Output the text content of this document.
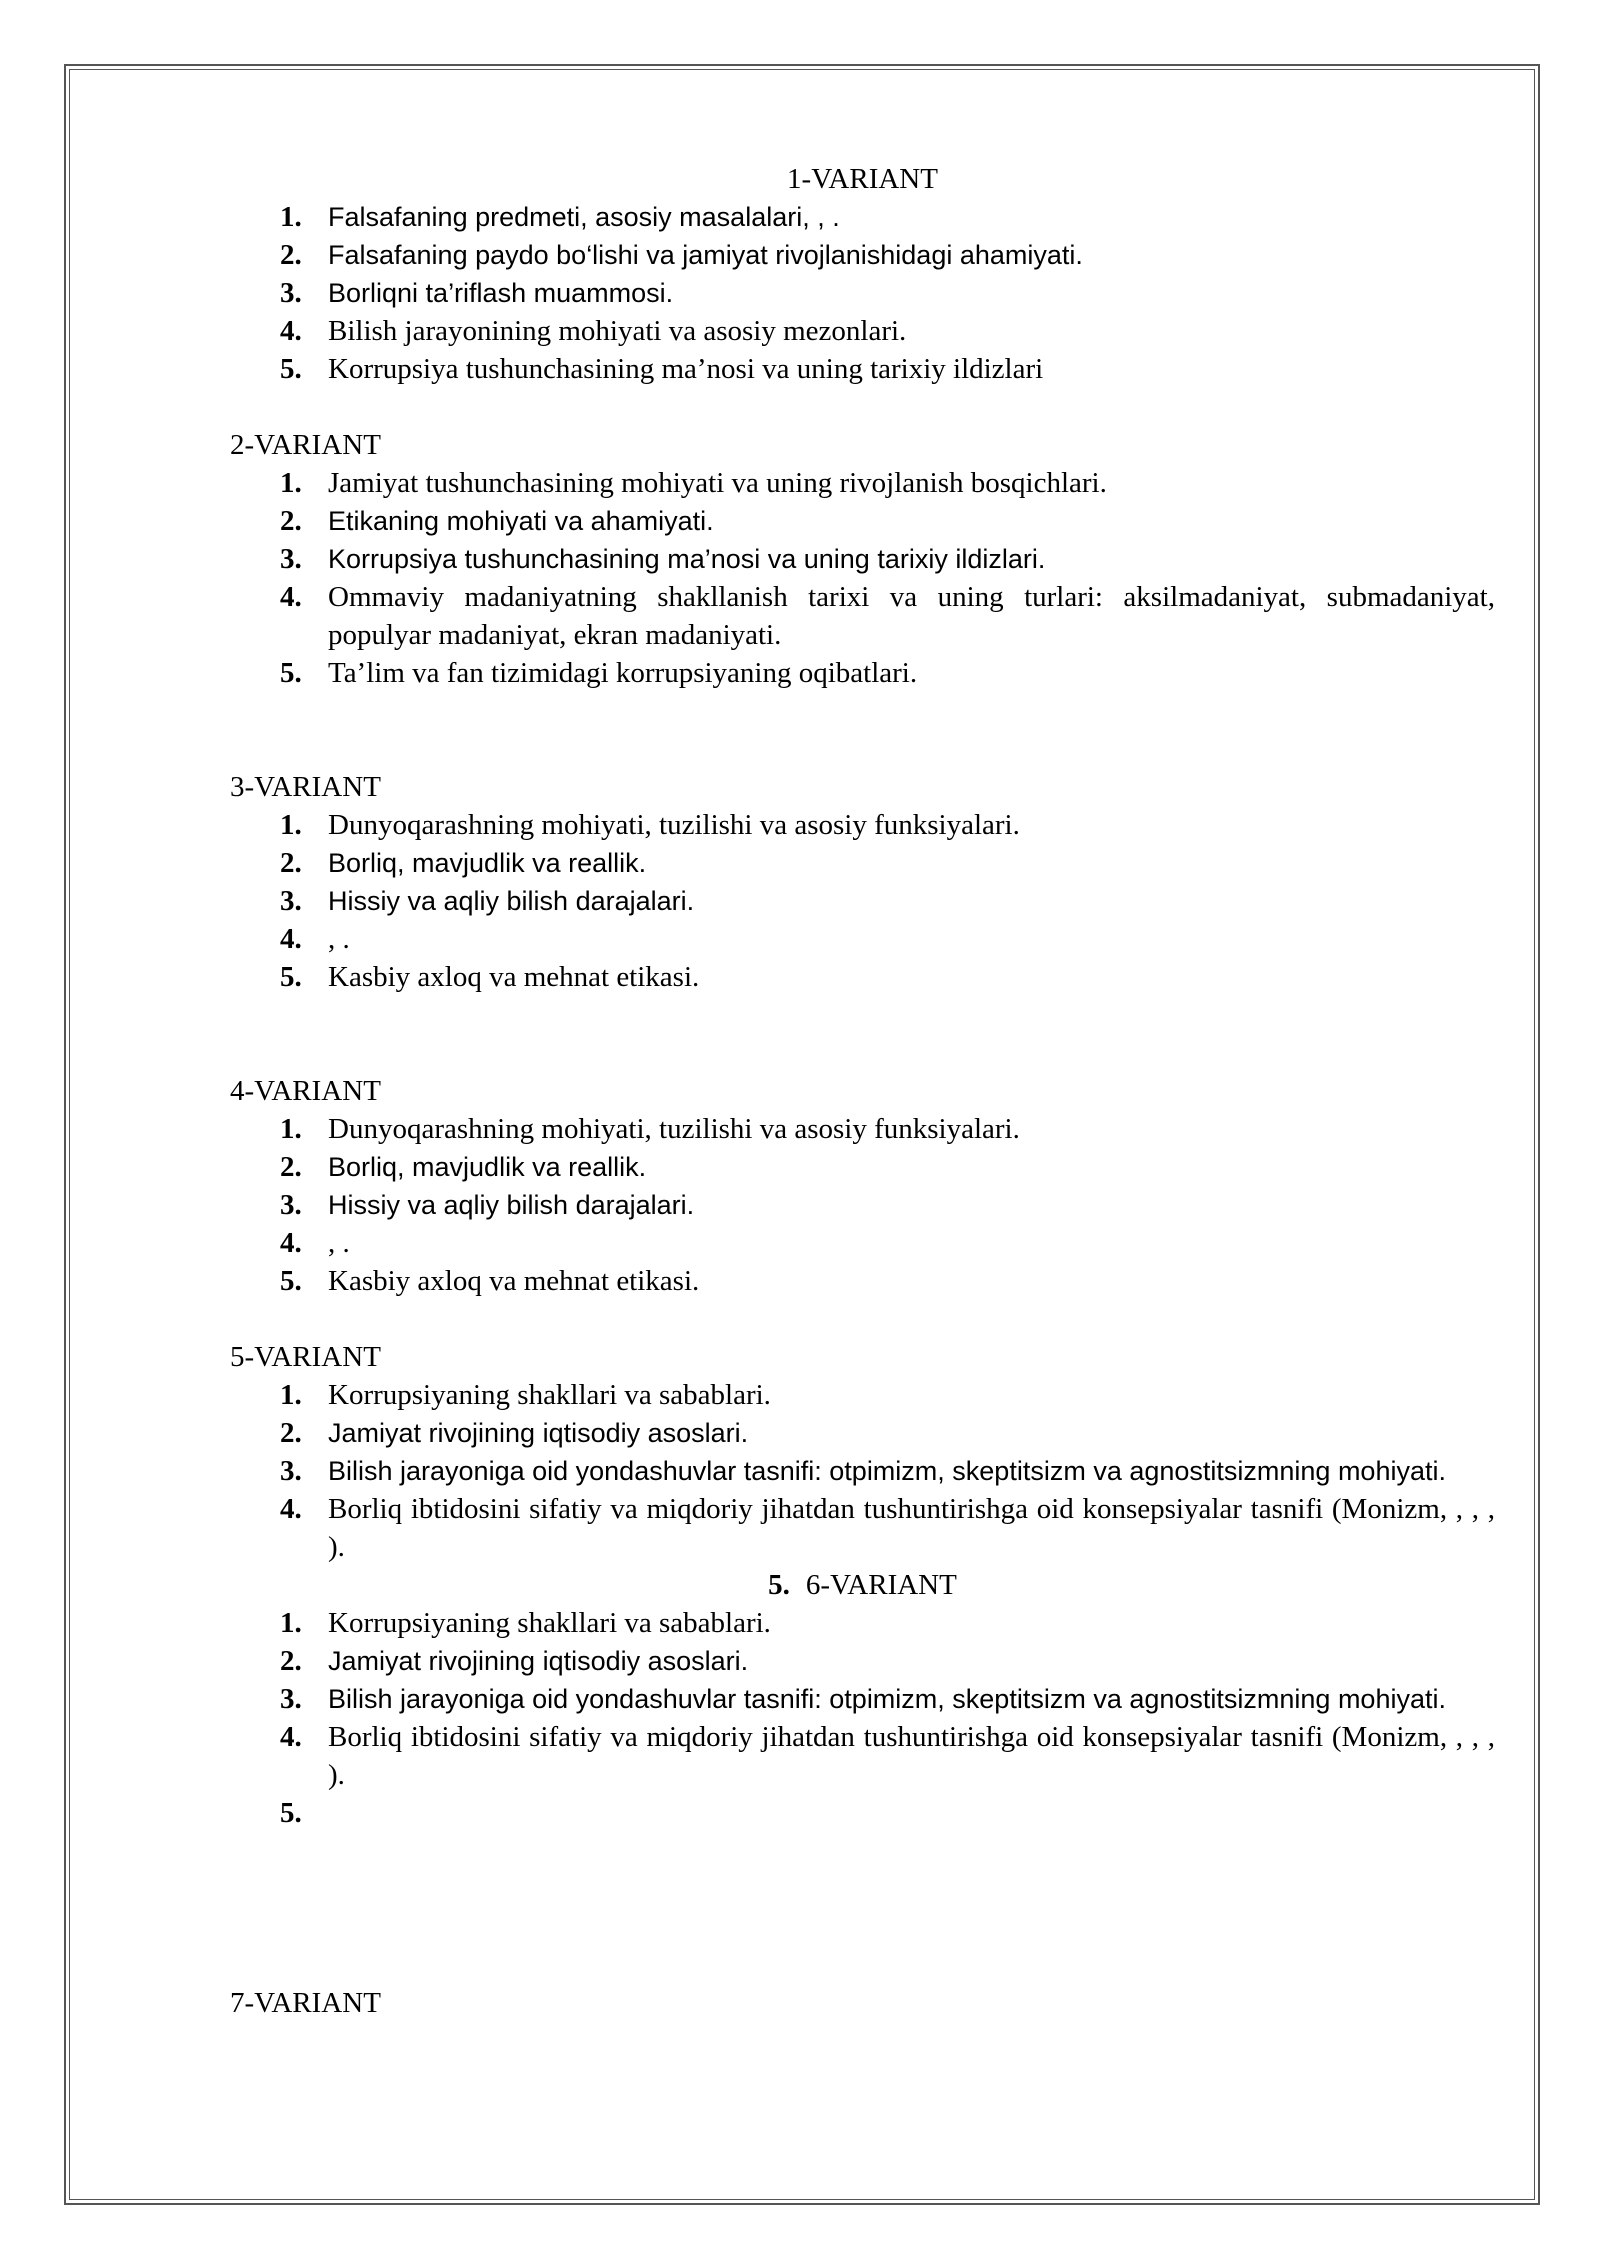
1-VARIANT

1. Falsafaning predmeti, asosiy masalalari, , .
2. Falsafaning paydo bo‘lishi va jamiyat rivojlanishidagi ahamiyati.
3. Borliqni ta’riflash muammosi.
4. Bilish jarayonining mohiyati va asosiy mezonlari.
5. Korrupsiya tushunchasining ma’nosi va uning tarixiy ildizlari

2-VARIANT

1. Jamiyat tushunchasining mohiyati va uning rivojlanish bosqichlari.
2. Etikaning mohiyati va ahamiyati.
3. Korrupsiya tushunchasining ma’nosi va uning tarixiy ildizlari.
4. Ommaviy madaniyatning shakllanish tarixi va uning turlari: aksilmadaniyat, submadaniyat, populyar madaniyat, ekran madaniyati.
5. Ta’lim va fan tizimidagi korrupsiyaning oqibatlari.

3-VARIANT

1. Dunyoqarashning mohiyati, tuzilishi va asosiy funksiyalari.
2. Borliq, mavjudlik va reallik.
3. Hissiy va aqliy bilish darajalari.
4. , .
5. Kasbiy axloq va mehnat etikasi.

4-VARIANT

1. Dunyoqarashning mohiyati, tuzilishi va asosiy funksiyalari.
2. Borliq, mavjudlik va reallik.
3. Hissiy va aqliy bilish darajalari.
4. , .
5. Kasbiy axloq va mehnat etikasi.

5-VARIANT

1. Korrupsiyaning shakllari va sabablari.
2. Jamiyat rivojining iqtisodiy asoslari.
3. Bilish jarayoniga oid yondashuvlar tasnifi: otpimizm, skeptitsizm va agnostitsizmning mohiyati.
4. Borliq ibtidosini sifatiy va miqdoriy jihatdan tushuntirishga oid konsepsiyalar tasnifi (Monizm, , , , ).
5. 6-VARIANT
1. Korrupsiyaning shakllari va sabablari.
2. Jamiyat rivojining iqtisodiy asoslari.
3. Bilish jarayoniga oid yondashuvlar tasnifi: otpimizm, skeptitsizm va agnostitsizmning mohiyati.
4. Borliq ibtidosini sifatiy va miqdoriy jihatdan tushuntirishga oid konsepsiyalar tasnifi (Monizm, , , , ).
5.

7-VARIANT
